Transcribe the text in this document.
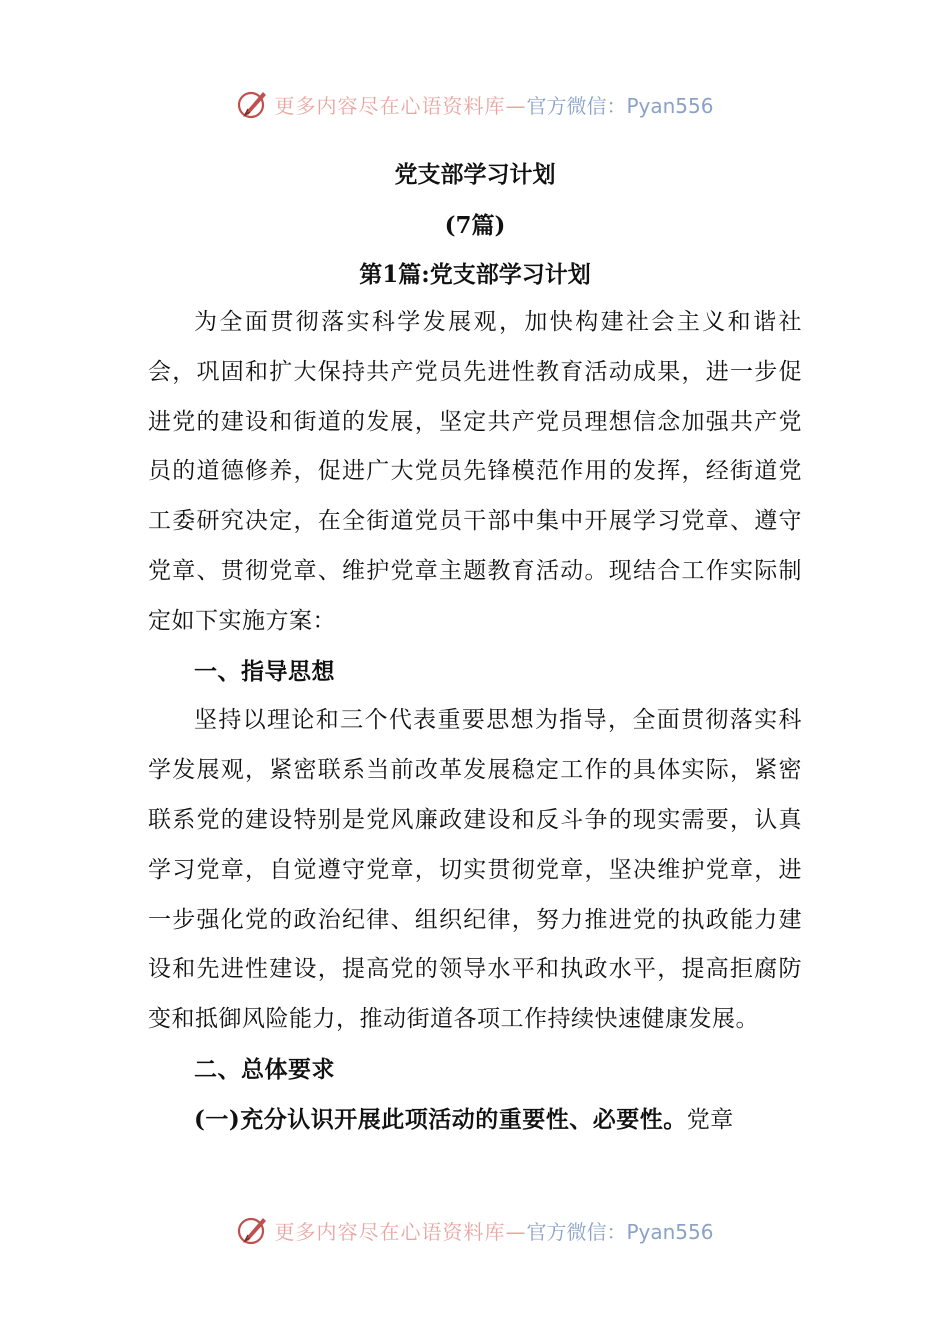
更多内容尽在心语资料库—官方微信：Pyan556
党支部学习计划
(7篇)
第1篇:党支部学习计划

为全面贯彻落实科学发展观，加快构建社会主义和谐社会，巩固和扩大保持共产党员先进性教育活动成果，进一步促进党的建设和街道的发展，坚定共产党员理想信念加强共产党员的道德修养，促进广大党员先锋模范作用的发挥，经街道党工委研究决定，在全街道党员干部中集中开展学习党章、遵守党章、贯彻党章、维护党章主题教育活动。现结合工作实际制定如下实施方案：

一、指导思想

坚持以理论和三个代表重要思想为指导，全面贯彻落实科学发展观，紧密联系当前改革发展稳定工作的具体实际，紧密联系党的建设特别是党风廉政建设和反斗争的现实需要，认真学习党章，自觉遵守党章，切实贯彻党章，坚决维护党章，进一步强化党的政治纪律、组织纪律，努力推进党的执政能力建设和先进性建设，提高党的领导水平和执政水平，提高拒腐防变和抵御风险能力，推动街道各项工作持续快速健康发展。

二、总体要求

(一)充分认识开展此项活动的重要性、必要性。党章

更多内容尽在心语资料库—官方微信：Pyan556
